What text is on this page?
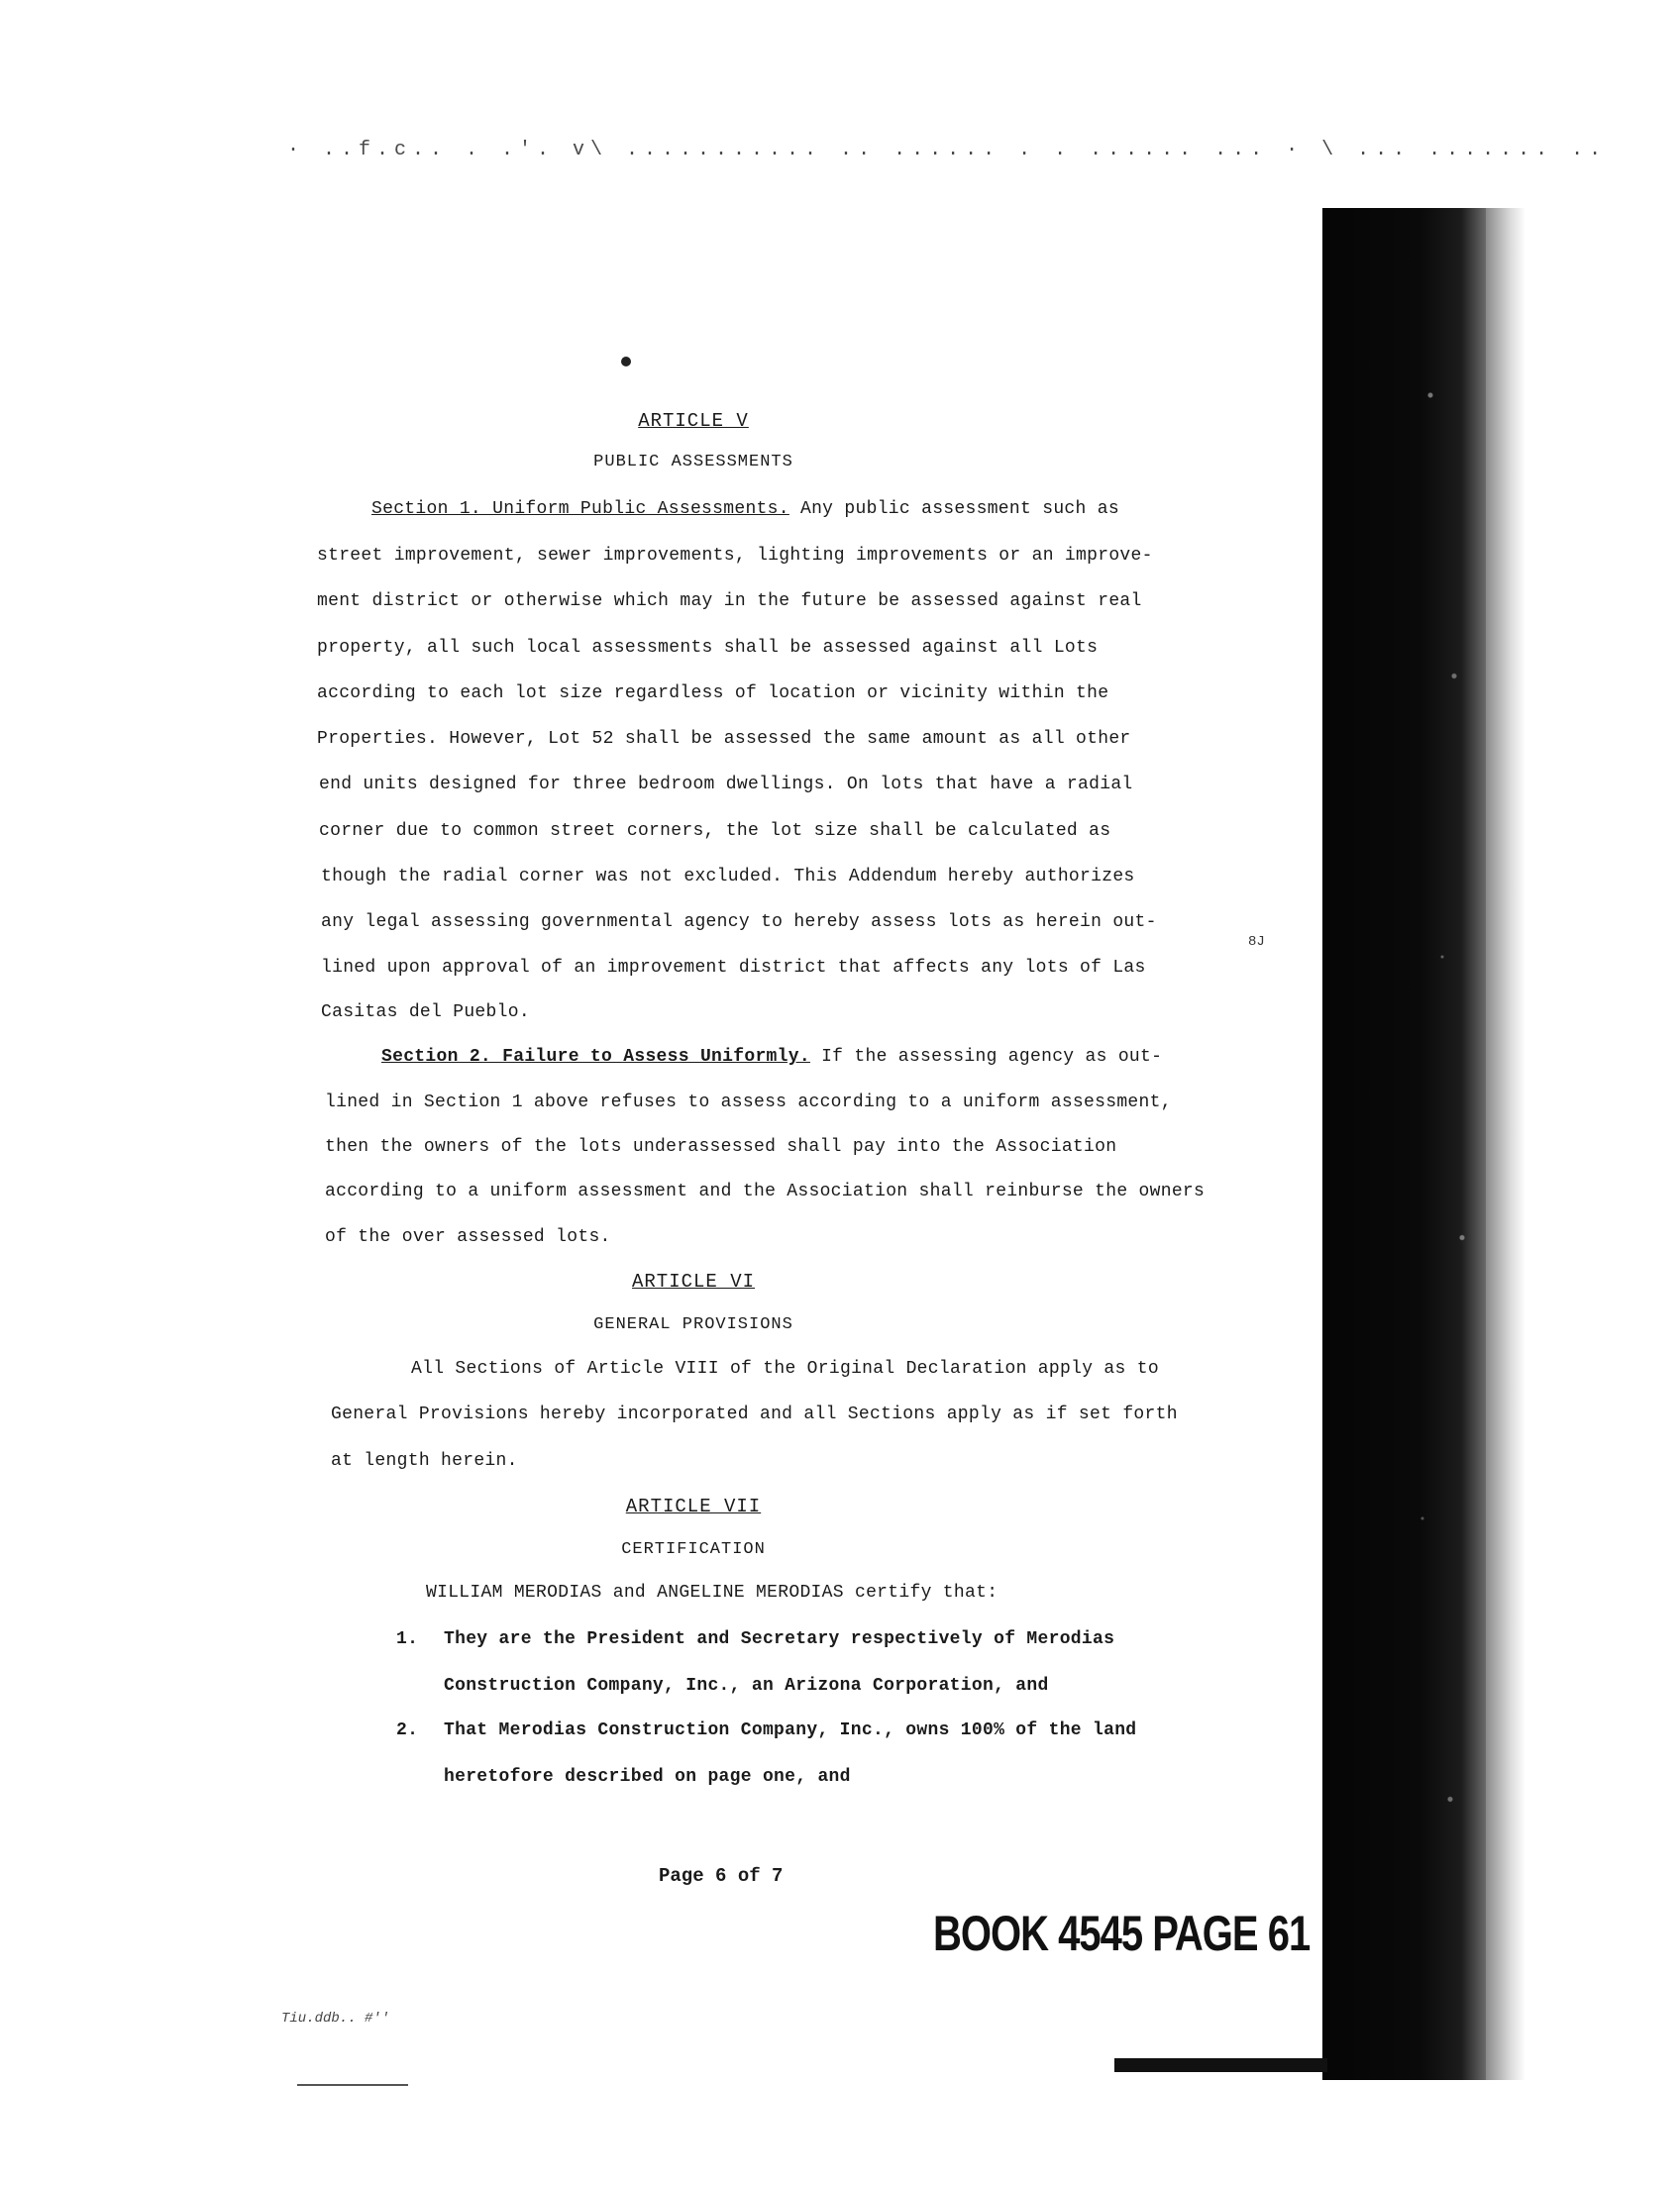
· ..f.c.. . .'. v\ ........... .. ...... . . ...... ... · \ ... ....... ..
ARTICLE V
PUBLIC ASSESSMENTS
Section 1. Uniform Public Assessments. Any public assessment such as
street improvement, sewer improvements, lighting improvements or an improve-
ment district or otherwise which may in the future be assessed against real
property, all such local assessments shall be assessed against all Lots
according to each lot size regardless of location or vicinity within the
Properties. However, Lot 52 shall be assessed the same amount as all other
end units designed for three bedroom dwellings. On lots that have a radial
corner due to common street corners, the lot size shall be calculated as
though the radial corner was not excluded. This Addendum hereby authorizes
any legal assessing governmental agency to hereby assess lots as herein out-
lined upon approval of an improvement district that affects any lots of Las
Casitas del Pueblo.
8J
Section 2. Failure to Assess Uniformly. If the assessing agency as out-
lined in Section 1 above refuses to assess according to a uniform assessment,
then the owners of the lots underassessed shall pay into the Association
according to a uniform assessment and the Association shall reinburse the owners
of the over assessed lots.
ARTICLE VI
GENERAL PROVISIONS
All Sections of Article VIII of the Original Declaration apply as to
General Provisions hereby incorporated and all Sections apply as if set forth
at length herein.
ARTICLE VII
CERTIFICATION
WILLIAM MERODIAS and ANGELINE MERODIAS certify that:
1. They are the President and Secretary respectively of Merodias
Construction Company, Inc., an Arizona Corporation, and
2. That Merodias Construction Company, Inc., owns 100% of the land
heretofore described on page one, and
Page 6 of 7
BOOK 4545 PAGE 61
Tiu.ddb.. #''
